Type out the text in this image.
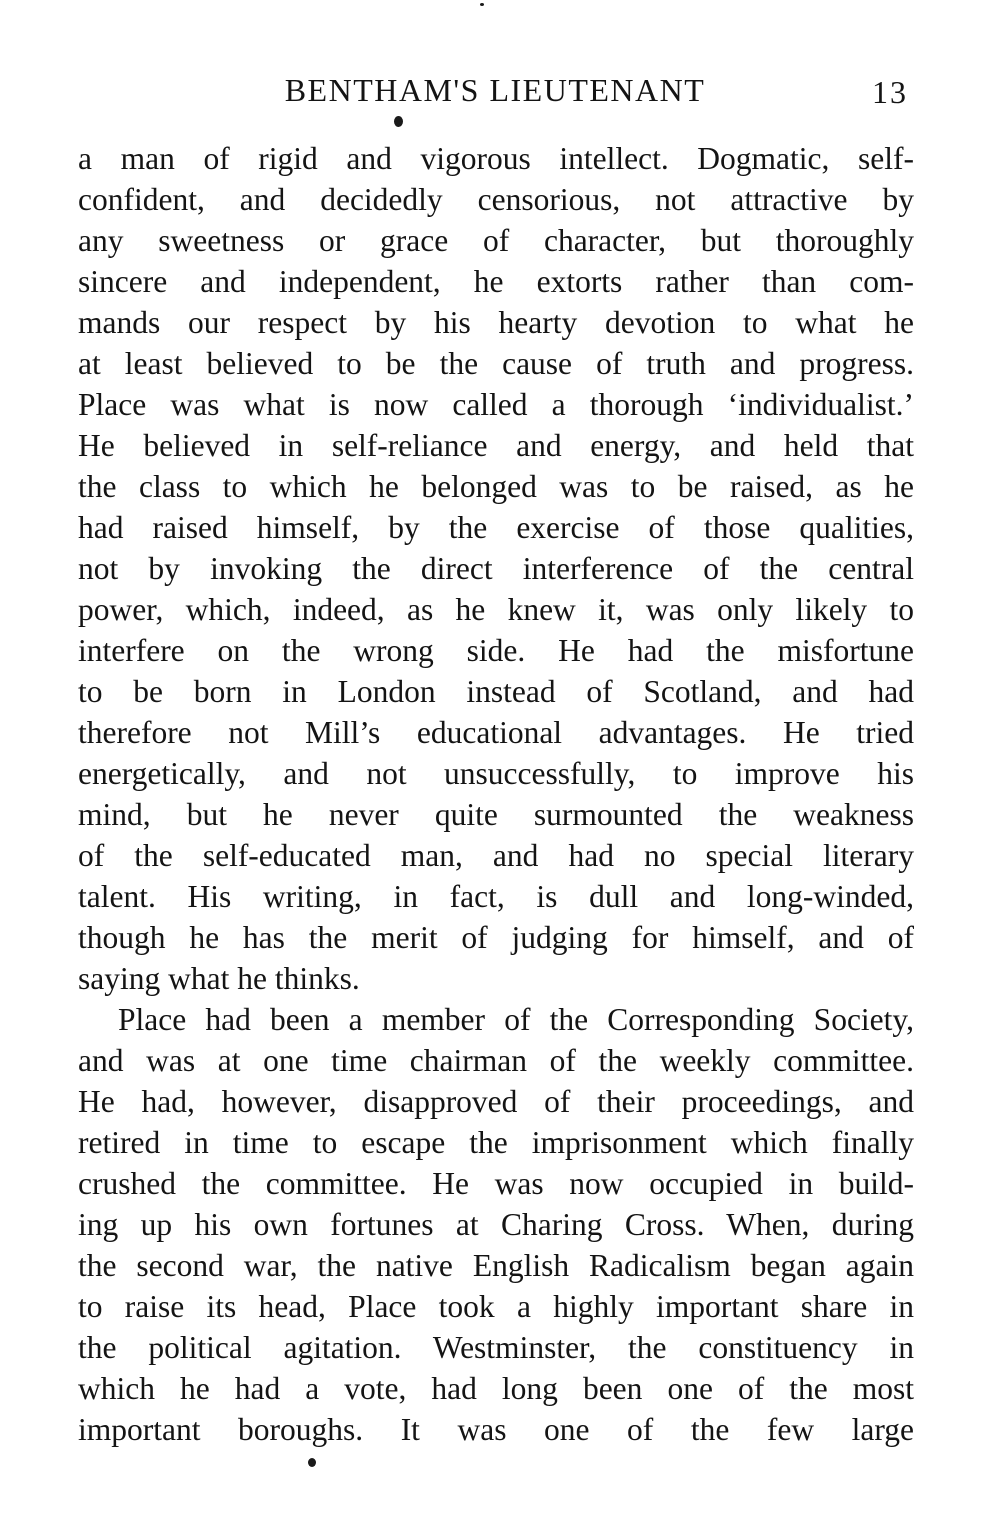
BENTHAM'S LIEUTENANT	13
a man of rigid and vigorous intellect. Dogmatic, self-
confident, and decidedly censorious, not attractive by
any sweetness or grace of character, but thoroughly
sincere and independent, he extorts rather than com-
mands our respect by his hearty devotion to what he
at least believed to be the cause of truth and progress.
Place was what is now called a thorough ‘individualist.’
He believed in self-reliance and energy, and held that
the class to which he belonged was to be raised, as he
had raised himself, by the exercise of those qualities,
not by invoking the direct interference of the central
power, which, indeed, as he knew it, was only likely to
interfere on the wrong side. He had the misfortune
to be born in London instead of Scotland, and had
therefore not Mill’s educational advantages. He tried
energetically, and not unsuccessfully, to improve his
mind, but he never quite surmounted the weakness
of the self-educated man, and had no special literary
talent. His writing, in fact, is dull and long-winded,
though he has the merit of judging for himself, and of
saying what he thinks.
Place had been a member of the Corresponding Society,
and was at one time chairman of the weekly committee.
He had, however, disapproved of their proceedings, and
retired in time to escape the imprisonment which finally
crushed the committee. He was now occupied in build-
ing up his own fortunes at Charing Cross. When, during
the second war, the native English Radicalism began again
to raise its head, Place took a highly important share in
the political agitation. Westminster, the constituency in
which he had a vote, had long been one of the most
important boroughs. It was one of the few large
